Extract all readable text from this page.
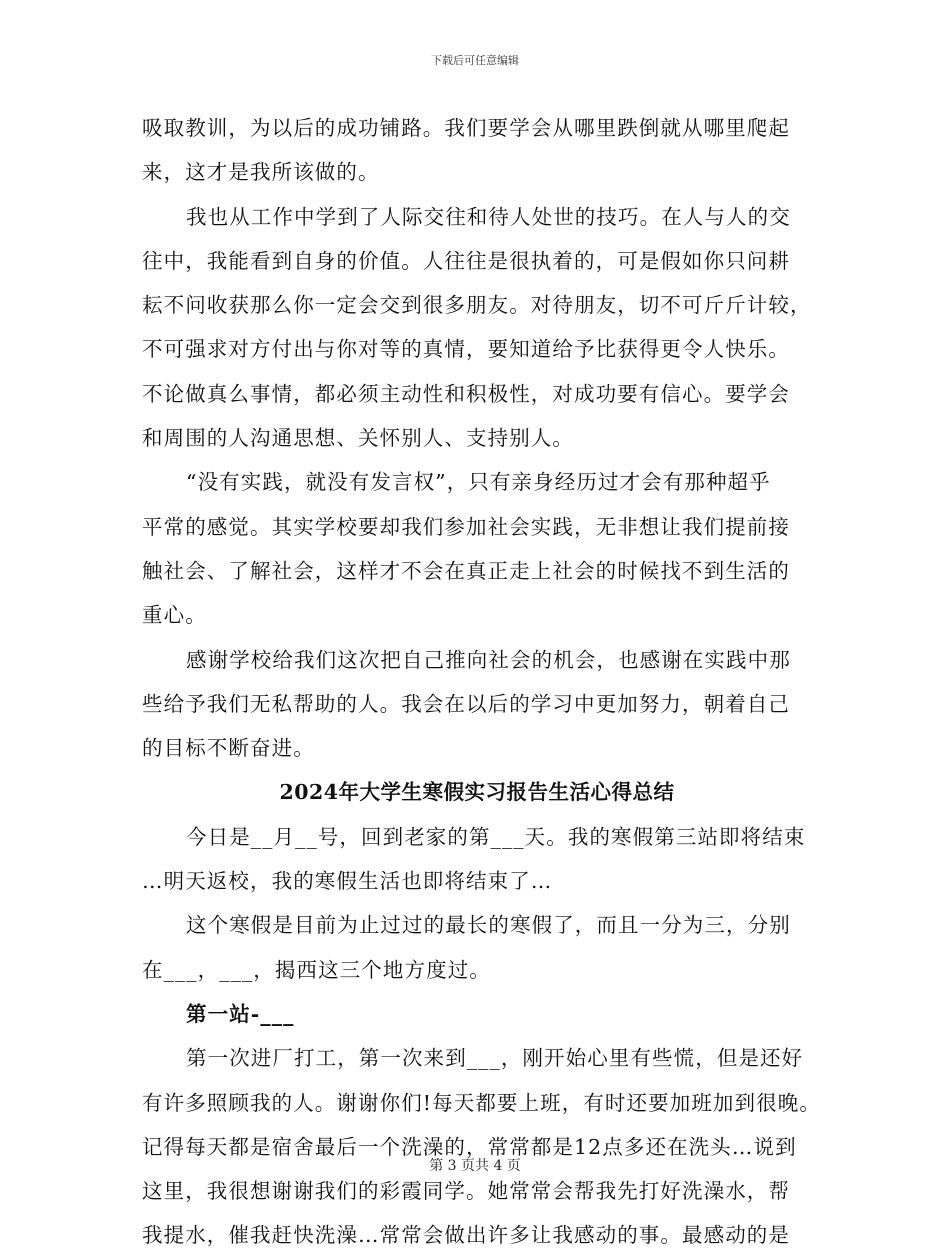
下载后可任意编辑
吸取教训，为以后的成功铺路。我们要学会从哪里跌倒就从哪里爬起
来，这才是我所该做的。
我也从工作中学到了人际交往和待人处世的技巧。在人与人的交
往中，我能看到自身的价值。人往往是很执着的，可是假如你只问耕
耘不问收获那么你一定会交到很多朋友。对待朋友，切不可斤斤计较，
不可强求对方付出与你对等的真情，要知道给予比获得更令人快乐。
不论做真么事情，都必须主动性和积极性，对成功要有信心。要学会
和周围的人沟通思想、关怀别人、支持别人。
“没有实践，就没有发言权”，只有亲身经历过才会有那种超乎
平常的感觉。其实学校要却我们参加社会实践，无非想让我们提前接
触社会、了解社会，这样才不会在真正走上社会的时候找不到生活的
重心。
感谢学校给我们这次把自己推向社会的机会，也感谢在实践中那
些给予我们无私帮助的人。我会在以后的学习中更加努力，朝着自己
的目标不断奋进。
2024年大学生寒假实习报告生活心得总结
今日是__月__号，回到老家的第___天。我的寒假第三站即将结束
…明天返校，我的寒假生活也即将结束了…
这个寒假是目前为止过过的最长的寒假了，而且一分为三，分别
在___，___，揭西这三个地方度过。
第一站-___
第一次进厂打工，第一次来到___，刚开始心里有些慌，但是还好
有许多照顾我的人。谢谢你们!每天都要上班，有时还要加班加到很晚。
记得每天都是宿舍最后一个洗澡的，常常都是12点多还在洗头…说到
这里，我很想谢谢我们的彩霞同学。她常常会帮我先打好洗澡水，帮
我提水，催我赶快洗澡…常常会做出许多让我感动的事。最感动的是
第 3 页共 4 页
